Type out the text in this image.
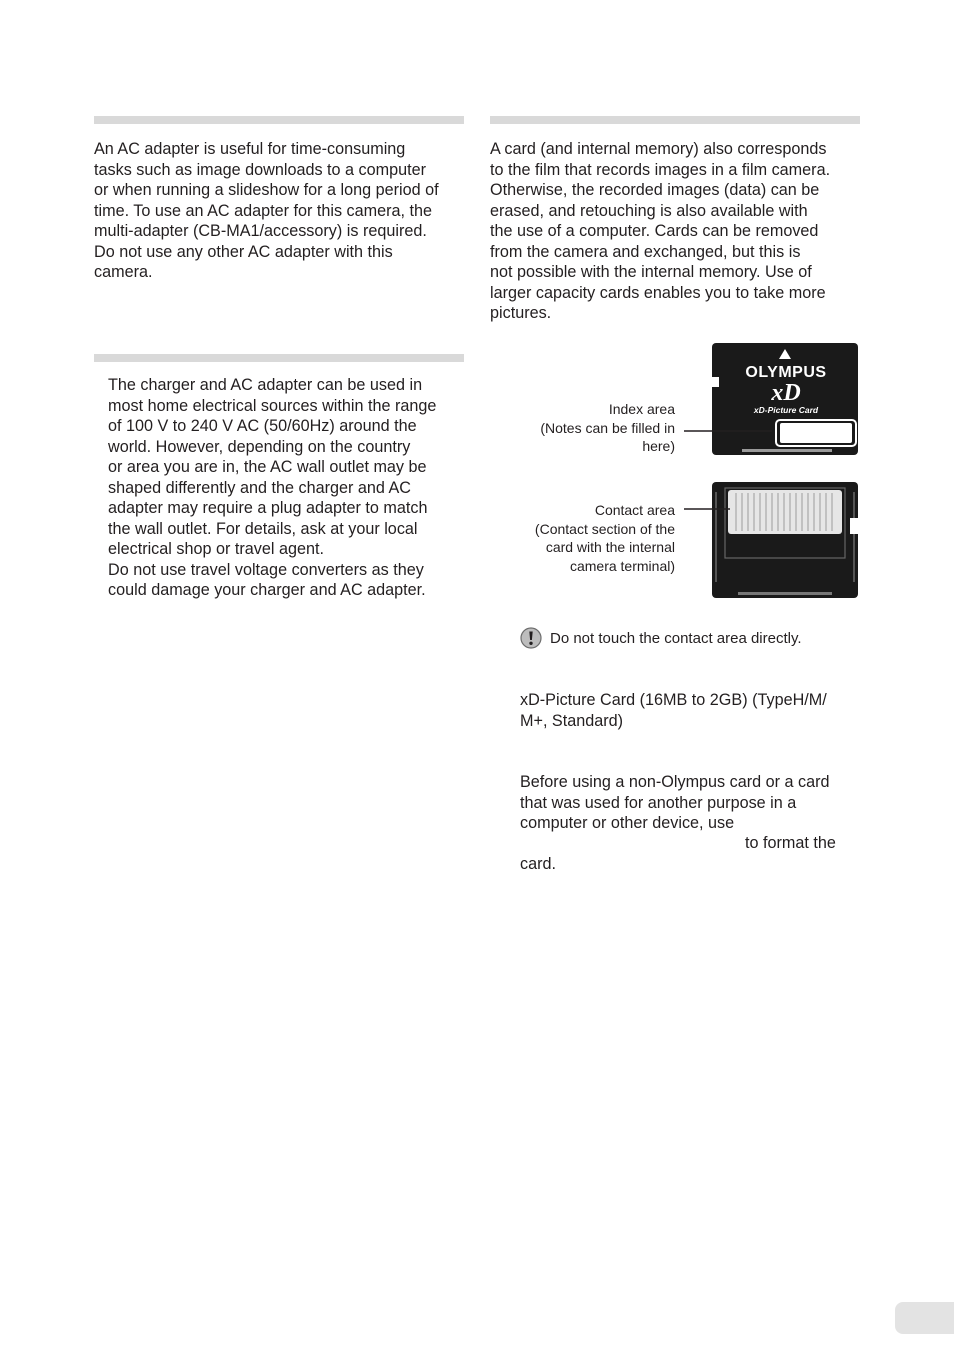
An AC adapter is useful for time-consuming
tasks such as image downloads to a computer
or when running a slideshow for a long period of
time. To use an AC adapter for this camera, the
multi-adapter (CB-MA1/accessory) is required.
Do not use any other AC adapter with this
camera.

The charger and AC adapter can be used in
most home electrical sources within the range
of 100 V to 240 V AC (50/60Hz) around the
world. However, depending on the country
or area you are in, the AC wall outlet may be
shaped differently and the charger and AC
adapter may require a plug adapter to match
the wall outlet. For details, ask at your local
electrical shop or travel agent.
Do not use travel voltage converters as they
could damage your charger and AC adapter.

A card (and internal memory) also corresponds
to the film that records images in a film camera.
Otherwise, the recorded images (data) can be
erased, and retouching is also available with
the use of a computer. Cards can be removed
from the camera and exchanged, but this is
not possible with the internal memory. Use of
larger capacity cards enables you to take more
pictures.

OLYMPUS
xD
xD-Picture Card

Index area
(Notes can be filled in
here)

Contact area
(Contact section of the
card with the internal
camera terminal)

Do not touch the contact area directly.

xD-Picture Card (16MB to 2GB) (TypeH/M/
M+, Standard)

Before using a non-Olympus card or a card
that was used for another purpose in a
computer or other device, use

to format the

card.
